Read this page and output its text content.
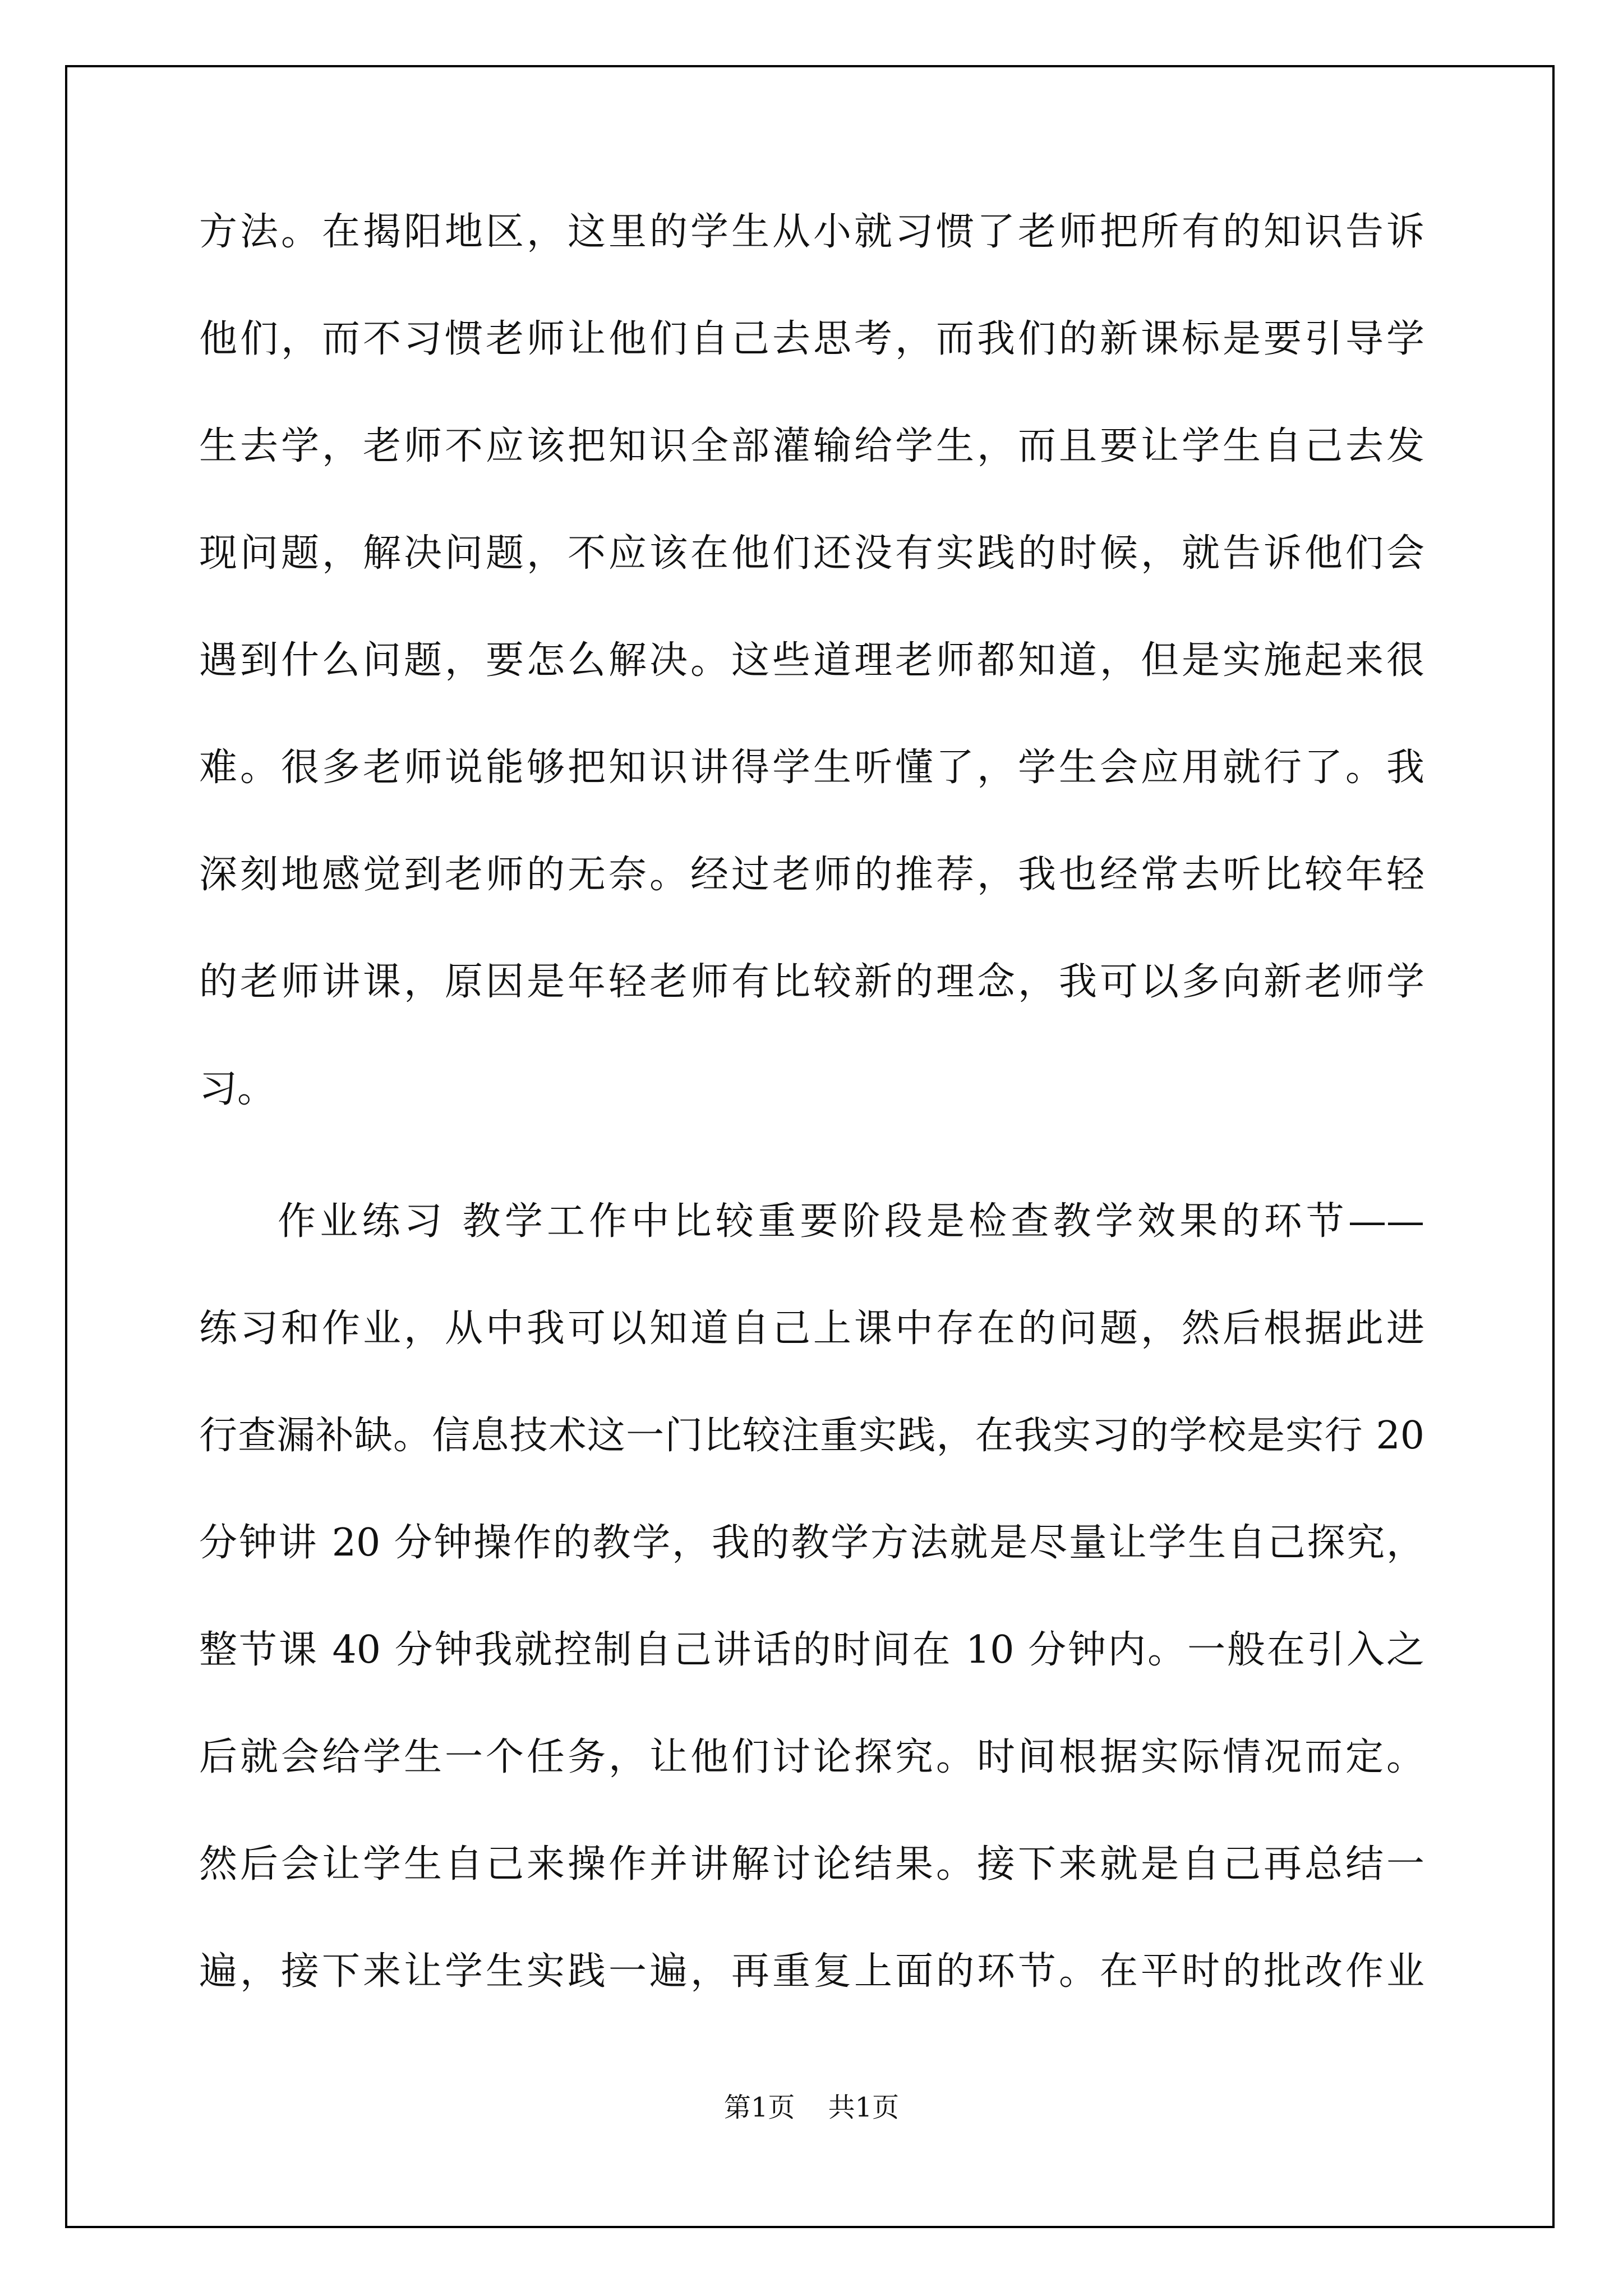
方法。在揭阳地区，这里的学生从小就习惯了老师把所有的知识告诉
他们，而不习惯老师让他们自己去思考，而我们的新课标是要引导学
生去学，老师不应该把知识全部灌输给学生，而且要让学生自己去发
现问题，解决问题，不应该在他们还没有实践的时候，就告诉他们会
遇到什么问题，要怎么解决。这些道理老师都知道，但是实施起来很
难。很多老师说能够把知识讲得学生听懂了，学生会应用就行了。我
深刻地感觉到老师的无奈。经过老师的推荐，我也经常去听比较年轻
的老师讲课，原因是年轻老师有比较新的理念，我可以多向新老师学
习。
作业练习 教学工作中比较重要阶段是检查教学效果的环节——
练习和作业，从中我可以知道自己上课中存在的问题，然后根据此进
行查漏补缺。信息技术这一门比较注重实践，在我实习的学校是实行 20
分钟讲 20 分钟操作的教学，我的教学方法就是尽量让学生自己探究，
整节课 40 分钟我就控制自己讲话的时间在 10 分钟内。一般在引入之
后就会给学生一个任务，让他们讨论探究。时间根据实际情况而定。
然后会让学生自己来操作并讲解讨论结果。接下来就是自己再总结一
遍，接下来让学生实践一遍，再重复上面的环节。在平时的批改作业
第1页 共1页
